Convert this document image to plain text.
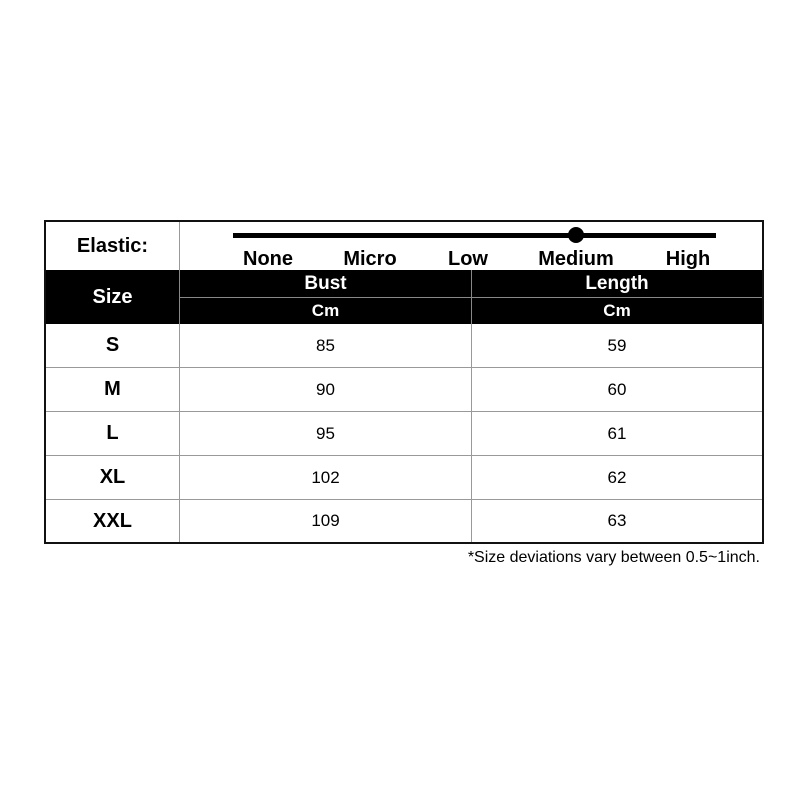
Elastic:
None	Micro	Low	Medium	High
Size
Bust
Cm
Length
Cm
S	85	59
M	90	60
L	95	61
XL	102	62
XXL	109	63
*Size deviations vary between 0.5~1inch.
